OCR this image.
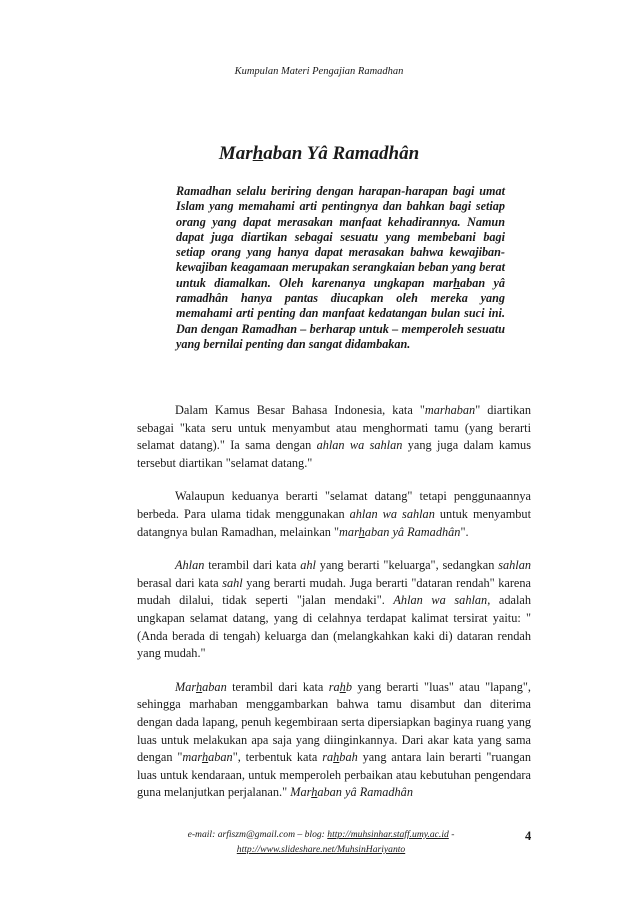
Kumpulan Materi Pengajian Ramadhan
Marhaban Yâ Ramadhân
Ramadhan selalu beriring dengan harapan-harapan bagi umat Islam yang memahami arti pentingnya dan bahkan bagi setiap orang yang dapat merasakan manfaat kehadirannya. Namun dapat juga diartikan sebagai sesuatu yang membebani bagi setiap orang yang hanya dapat merasakan bahwa kewajiban-kewajiban keagamaan merupakan serangkaian beban yang berat untuk diamalkan. Oleh karenanya ungkapan marhaban yâ ramadhân hanya pantas diucapkan oleh mereka yang memahami arti penting dan manfaat kedatangan bulan suci ini. Dan dengan Ramadhan – berharap untuk – memperoleh sesuatu yang bernilai penting dan sangat didambakan.

Dalam Kamus Besar Bahasa Indonesia, kata "marhaban" diartikan sebagai "kata seru untuk menyambut atau menghormati tamu (yang berarti selamat datang)." Ia sama dengan ahlan wa sahlan yang juga dalam kamus tersebut diartikan "selamat datang."

Walaupun keduanya berarti "selamat datang" tetapi penggunaannya berbeda. Para ulama tidak menggunakan ahlan wa sahlan untuk menyambut datangnya bulan Ramadhan, melainkan "marhaban yâ Ramadhân".

Ahlan terambil dari kata ahl yang berarti "keluarga", sedangkan sahlan berasal dari kata sahl yang berarti mudah. Juga berarti "dataran rendah" karena mudah dilalui, tidak seperti "jalan mendaki". Ahlan wa sahlan, adalah ungkapan selamat datang, yang di celahnya terdapat kalimat tersirat yaitu: "(Anda berada di tengah) keluarga dan (melangkahkan kaki di) dataran rendah yang mudah."

Marhaban terambil dari kata rahb yang berarti "luas" atau "lapang", sehingga marhaban menggambarkan bahwa tamu disambut dan diterima dengan dada lapang, penuh kegembiraan serta dipersiapkan baginya ruang yang luas untuk melakukan apa saja yang diinginkannya. Dari akar kata yang sama dengan "marhaban", terbentuk kata rahbah yang antara lain berarti "ruangan luas untuk kendaraan, untuk memperoleh perbaikan atau kebutuhan pengendara guna melanjutkan perjalanan." Marhaban yâ Ramadhân

e-mail: arfiszm@gmail.com – blog: http://muhsinhar.staff.umy.ac.id -
http://www.slideshare.net/MuhsinHariyanto
4
